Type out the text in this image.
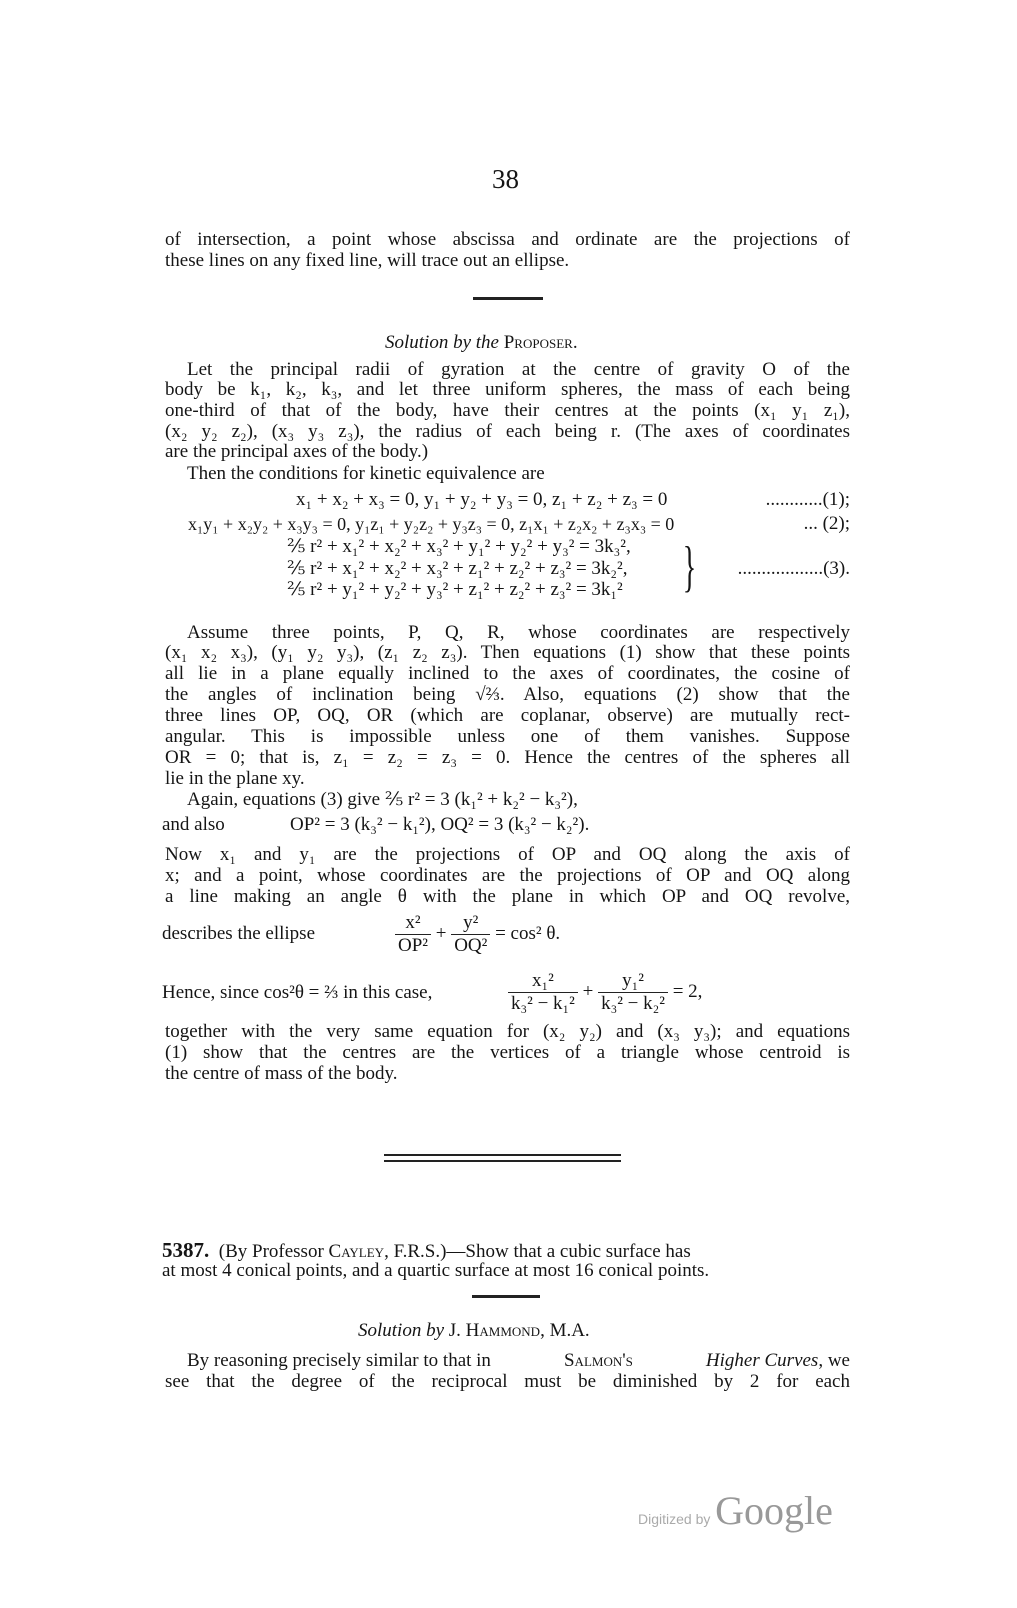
38
of intersection, a point whose abscissa and ordinate are the projections of
these lines on any fixed line, will trace out an ellipse.
Solution by the Proposer.
Let the principal radii of gyration at the centre of gravity O of the
body be k₁, k₂, k₃, and let three uniform spheres, the mass of each being
one-third of that of the body, have their centres at the points (x₁ y₁ z₁),
(x₂ y₂ z₂), (x₃ y₃ z₃), the radius of each being r. (The axes of coordinates
are the principal axes of the body.)
Then the conditions for kinetic equivalence are
x₁ + x₂ + x₃ = 0, y₁ + y₂ + y₃ = 0, z₁ + z₂ + z₃ = 0	............(1);
x₁y₁ + x₂y₂ + x₃y₃ = 0, y₁z₁ + y₂z₂ + y₃z₃ = 0, z₁x₁ + z₂x₂ + z₃x₃ = 0	... (2);
⅖ r² + x₁² + x₂² + x₃² + y₁² + y₂² + y₃² = 3k₃²,
⅖ r² + x₁² + x₂² + x₃² + z₁² + z₂² + z₃² = 3k₂²,
⅖ r² + y₁² + y₂² + y₃² + z₁² + z₂² + z₃² = 3k₁² } ..................(3).
Assume three points, P, Q, R, whose coordinates are respectively
(x₁ x₂ x₃), (y₁ y₂ y₃), (z₁ z₂ z₃). Then equations (1) show that these points
all lie in a plane equally inclined to the axes of coordinates, the cosine of
the angles of inclination being √⅔. Also, equations (2) show that the
three lines OP, OQ, OR (which are coplanar, observe) are mutually rect-
angular. This is impossible unless one of them vanishes. Suppose
OR = 0; that is, z₁ = z₂ = z₃ = 0. Hence the centres of the spheres all
lie in the plane xy.
Again, equations (3) give ⅖ r² = 3 (k₁² + k₂² − k₃²),
and also	OP² = 3 (k₃² − k₁²), OQ² = 3 (k₃² − k₂²).
Now x₁ and y₁ are the projections of OP and OQ along the axis of
x; and a point, whose coordinates are the projections of OP and OQ along
a line making an angle θ with the plane in which OP and OQ revolve,
describes the ellipse	$\frac{\text{x²}}{\text{OP²}} + \frac{\text{y²}}{\text{OQ²}} = \cos^2$ θ.
Hence, since cos²θ = ⅔ in this case,	$\frac{\text{x₁²}}{\text{k₃² − k₁²}} + \frac{\text{y₁²}}{\text{k₃² − k₂²}} = 2$,
together with the very same equation for (x₂ y₂) and (x₃ y₃); and equations
(1) show that the centres are the vertices of a triangle whose centroid is
the centre of mass of the body.
5387. (By Professor Cayley, F.R.S.)—Show that a cubic surface has
at most 4 conical points, and a quartic surface at most 16 conical points.
Solution by J. Hammond, M.A.
By reasoning precisely similar to that in	Salmon's	Higher Curves, we
see that the degree of the reciprocal must be diminished by 2 for each
Digitized by Google
